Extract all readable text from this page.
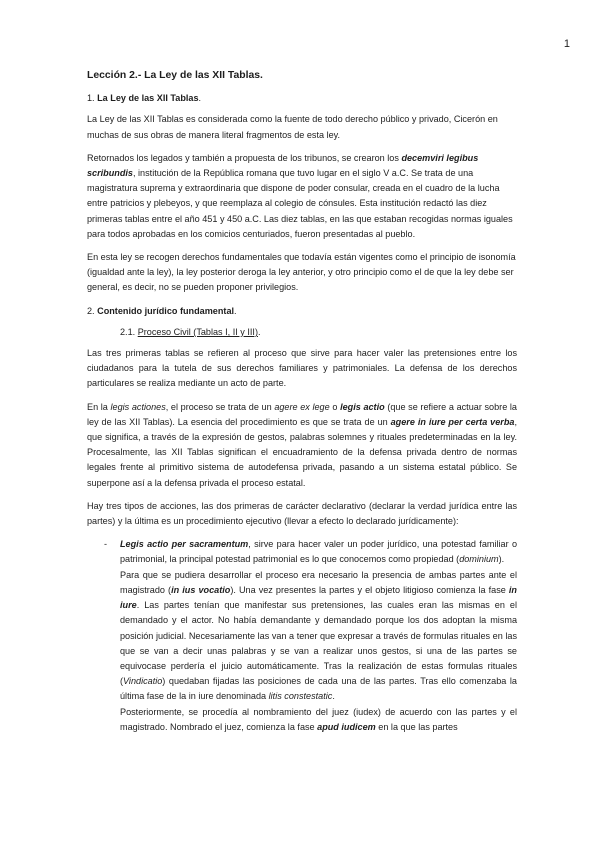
1

Lección 2.- La Ley de las XII Tablas.

1. La Ley de las XII Tablas.

La Ley de las XII Tablas es considerada como la fuente de todo derecho público y privado, Cicerón en muchas de sus obras de manera literal fragmentos de esta ley.

Retornados los legados y también a propuesta de los tribunos, se crearon los decemviri legibus scribundis, institución de la República romana que tuvo lugar en el siglo V a.C. Se trata de una magistratura suprema y extraordinaria que dispone de poder consular, creada en el cuadro de la lucha entre patricios y plebeyos, y que reemplaza al colegio de cónsules. Esta institución redactó las diez primeras tablas entre el año 451 y 450 a.C. Las diez tablas, en las que estaban recogidas normas iguales para todos aprobadas en los comicios centuriados, fueron presentadas al pueblo.

En esta ley se recogen derechos fundamentales que todavía están vigentes como el principio de isonomía (igualdad ante la ley), la ley posterior deroga la ley anterior, y otro principio como el de que la ley debe ser general, es decir, no se pueden proponer privilegios.

2. Contenido jurídico fundamental.

2.1. Proceso Civil (Tablas I, II y III).

Las tres primeras tablas se refieren al proceso que sirve para hacer valer las pretensiones entre los ciudadanos para la tutela de sus derechos familiares y patrimoniales. La defensa de los derechos particulares se realiza mediante un acto de parte.

En la legis actiones, el proceso se trata de un agere ex lege o legis actio (que se refiere a actuar sobre la ley de las XII Tablas). La esencia del procedimiento es que se trata de un agere in iure per certa verba, que significa, a través de la expresión de gestos, palabras solemnes y rituales predeterminadas en la ley. Procesalmente, las XII Tablas significan el encuadramiento de la defensa privada dentro de normas legales frente al primitivo sistema de autodefensa privada, pasando a un sistema estatal público. Se superpone así a la defensa privada el proceso estatal.

Hay tres tipos de acciones, las dos primeras de carácter declarativo (declarar la verdad jurídica entre las partes) y la última es un procedimiento ejecutivo (llevar a efecto lo declarado jurídicamente):

- Legis actio per sacramentum, sirve para hacer valer un poder jurídico, una potestad familiar o patrimonial, la principal potestad patrimonial es lo que conocemos como propiedad (dominium).

Para que se pudiera desarrollar el proceso era necesario la presencia de ambas partes ante el magistrado (in ius vocatio). Una vez presentes la partes y el objeto litigioso comienza la fase in iure. Las partes tenían que manifestar sus pretensiones, las cuales eran las mismas en el demandado y el actor. No había demandante y demandado porque los dos adoptan la misma posición judicial. Necesariamente las van a tener que expresar a través de formulas rituales en las que se van a decir unas palabras y se van a realizar unos gestos, si una de las partes se equivocase perdería el juicio automáticamente. Tras la realización de estas formulas rituales (Vindicatio) quedaban fijadas las posiciones de cada una de las partes. Tras ello comenzaba la última fase de la in iure denominada litis constestatic.

Posteriormente, se procedía al nombramiento del juez (iudex) de acuerdo con las partes y el magistrado. Nombrado el juez, comienza la fase apud iudicem en la que las partes
